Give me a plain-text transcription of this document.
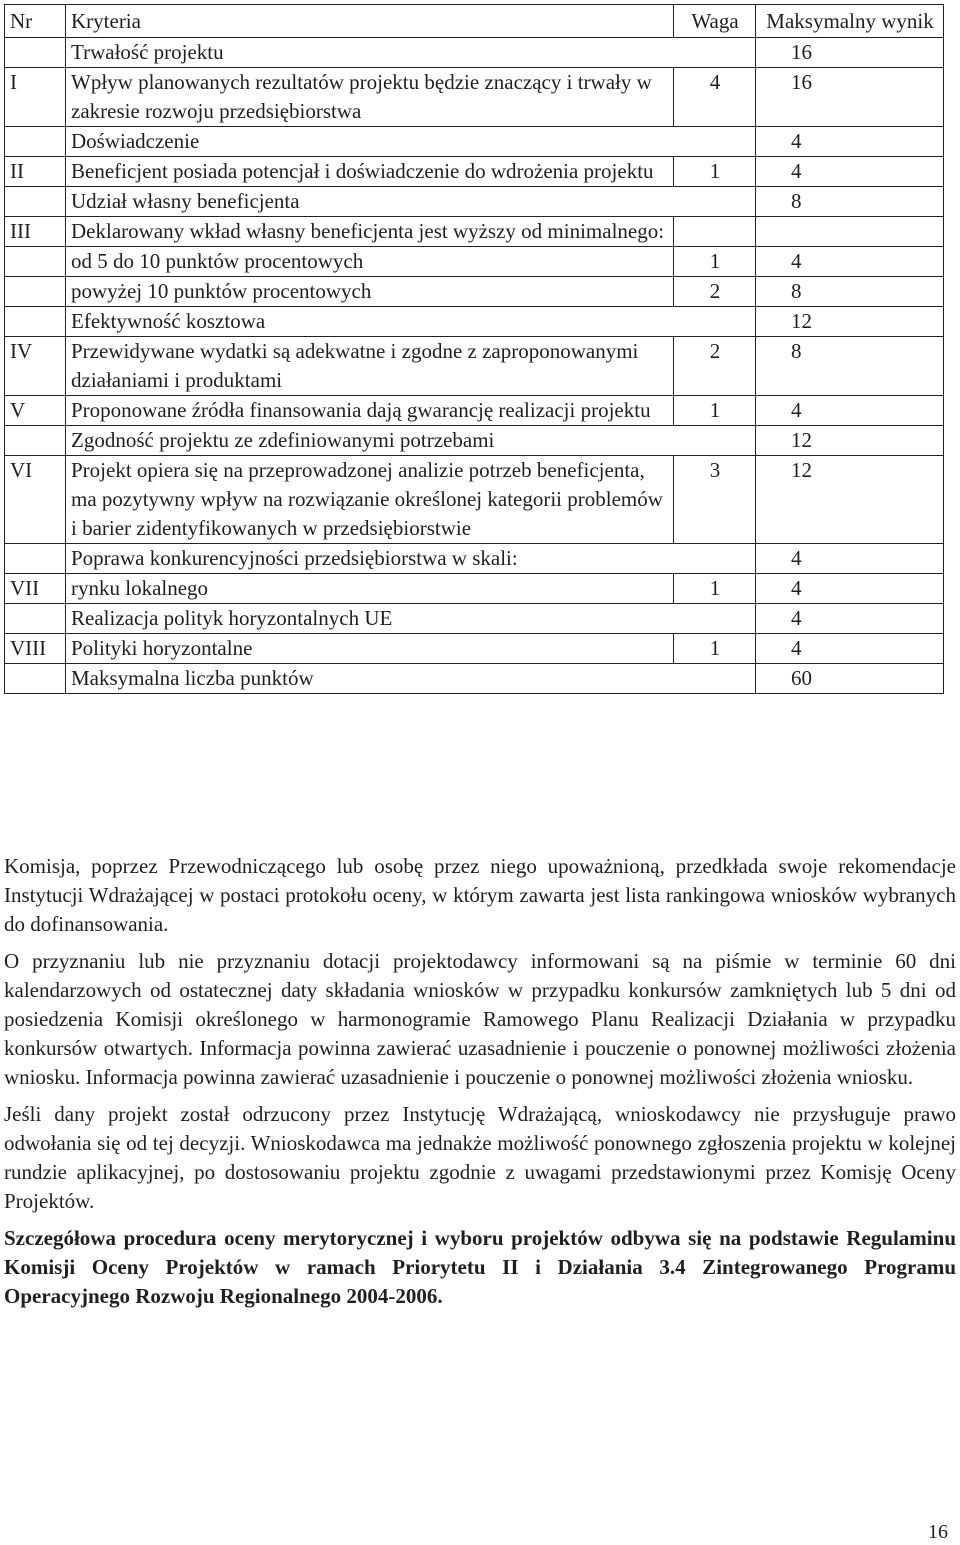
Nr	Kryteria	Waga	Maksymalny wynik
	Trwałość projektu		16
I	Wpływ planowanych rezultatów projektu będzie znaczący i trwały w zakresie rozwoju przedsiębiorstwa	4	16
	Doświadczenie		4
II	Beneficjent posiada potencjał i doświadczenie do wdrożenia projektu	1	4
	Udział własny beneficjenta		8
III	Deklarowany wkład własny beneficjenta jest wyższy od minimalnego:		
	od 5 do 10 punktów procentowych	1	4
	powyżej 10 punktów procentowych	2	8
	Efektywność kosztowa		12
IV	Przewidywane wydatki są adekwatne i zgodne z zaproponowanymi działaniami i produktami	2	8
V	Proponowane źródła finansowania dają gwarancję realizacji projektu	1	4
	Zgodność projektu ze zdefiniowanymi potrzebami		12
VI	Projekt opiera się na przeprowadzonej analizie potrzeb beneficjenta, ma pozytywny wpływ na rozwiązanie określonej kategorii problemów i barier zidentyfikowanych w przedsiębiorstwie	3	12
	Poprawa konkurencyjności przedsiębiorstwa w skali:		4
VII	rynku lokalnego	1	4
	Realizacja polityk horyzontalnych UE		4
VIII	Polityki horyzontalne	1	4
	Maksymalna liczba punktów		60

Komisja, poprzez Przewodniczącego lub osobę przez niego upoważnioną, przedkłada swoje rekomendacje Instytucji Wdrażającej w postaci protokołu oceny, w którym zawarta jest lista rankingowa wniosków wybranych do dofinansowania.

O przyznaniu lub nie przyznaniu dotacji projektodawcy informowani są na piśmie w terminie 60 dni kalendarzowych od ostatecznej daty składania wniosków w przypadku konkursów zamkniętych lub 5 dni od posiedzenia Komisji określonego w harmonogramie Ramowego Planu Realizacji Działania w przypadku konkursów otwartych. Informacja powinna zawierać uzasadnienie i pouczenie o ponownej możliwości złożenia wniosku. Informacja powinna zawierać uzasadnienie i pouczenie o ponownej możliwości złożenia wniosku.

Jeśli dany projekt został odrzucony przez Instytucję Wdrażającą, wnioskodawcy nie przysługuje prawo odwołania się od tej decyzji. Wnioskodawca ma jednakże możliwość ponownego zgłoszenia projektu w kolejnej rundzie aplikacyjnej, po dostosowaniu projektu zgodnie z uwagami przedstawionymi przez Komisję Oceny Projektów.

Szczegółowa procedura oceny merytorycznej i wyboru projektów odbywa się na podstawie Regulaminu Komisji Oceny Projektów w ramach Priorytetu II i Działania 3.4 Zintegrowanego Programu Operacyjnego Rozwoju Regionalnego 2004-2006.

16
